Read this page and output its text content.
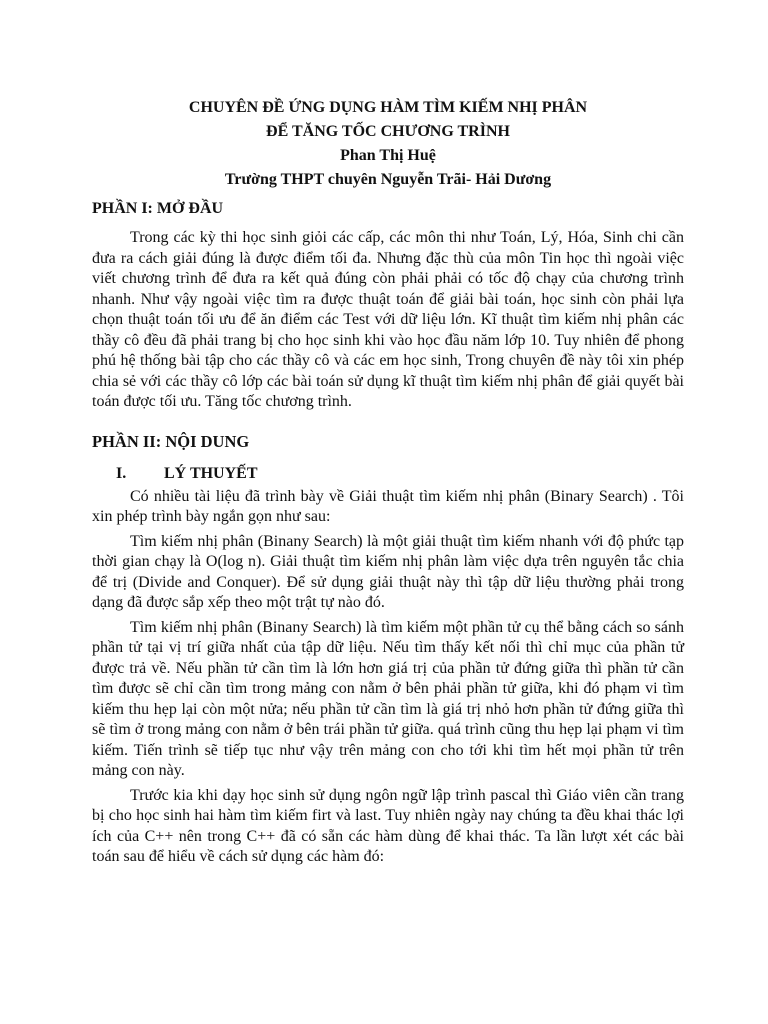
CHUYÊN ĐỀ ỨNG DỤNG HÀM TÌM KIẾM NHỊ PHÂN
ĐỂ TĂNG TỐC CHƯƠNG TRÌNH
Phan Thị Huệ
Trường THPT chuyên Nguyễn Trãi- Hải Dương
PHẦN I: MỞ ĐẦU

Trong các kỳ thi học sinh giỏi các cấp, các môn thi như Toán, Lý, Hóa, Sinh chi cần đưa ra cách giải đúng là được điểm tối đa. Nhưng đặc thù của môn Tin học thì ngoài việc viết chương trình để đưa ra kết quả đúng còn phải phải có tốc độ chạy của chương trình nhanh. Như vậy ngoài việc tìm ra được thuật toán để giải bài toán, học sinh còn phải lựa chọn thuật toán tối ưu để ăn điểm các Test với dữ liệu lớn. Kĩ thuật tìm kiếm nhị phân các thầy cô đều đã phải trang bị cho học sinh khi vào học đầu năm lớp 10. Tuy nhiên để phong phú hệ thống bài tập cho các thầy cô và các em học sinh, Trong chuyên đề này tôi xin phép chia sẻ với các thầy cô lớp các bài toán sử dụng kĩ thuật tìm kiếm nhị phân để giải quyết bài toán được tối ưu. Tăng tốc chương trình.

PHẦN II: NỘI DUNG
I.	LÝ THUYẾT

Có nhiều tài liệu đã trình bày về Giải thuật tìm kiếm nhị phân (Binary Search) . Tôi xin phép trình bày ngắn gọn như sau:

Tìm kiếm nhị phân (Binany Search) là một giải thuật tìm kiếm nhanh với độ phức tạp thời gian chạy là O(log n). Giải thuật tìm kiếm nhị phân làm việc dựa trên nguyên tắc chia để trị (Divide and Conquer). Để sử dụng giải thuật này thì tập dữ liệu thường phải trong dạng đã được sắp xếp theo một trật tự nào đó.

Tìm kiếm nhị phân (Binany Search) là tìm kiếm một phần tử cụ thể bằng cách so sánh phần tử tại vị trí giữa nhất của tập dữ liệu. Nếu tìm thấy kết nối thì chỉ mục của phần tử được trả về. Nếu phần tử cần tìm là lớn hơn giá trị của phần tử đứng giữa thì phần tử cần tìm được sẽ chỉ cần tìm trong mảng con nằm ở bên phải phần tử giữa, khi đó phạm vi tìm kiếm thu hẹp lại còn một nửa; nếu phần tử cần tìm là giá trị nhỏ hơn phần tử đứng giữa thì sẽ tìm ở trong mảng con nằm ở bên trái phần tử giữa. quá trình cũng thu hẹp lại phạm vi tìm kiếm. Tiến trình sẽ tiếp tục như vậy trên mảng con cho tới khi tìm hết mọi phần tử trên mảng con này.

Trước kia khi dạy học sinh sử dụng ngôn ngữ lập trình pascal thì Giáo viên cần trang bị cho học sinh hai hàm tìm kiếm firt và last. Tuy nhiên ngày nay chúng ta đều khai thác lợi ích của C++ nên trong C++ đã có sẵn các hàm dùng để khai thác. Ta lần lượt xét các bài toán sau để hiểu về cách sử dụng các hàm đó:
